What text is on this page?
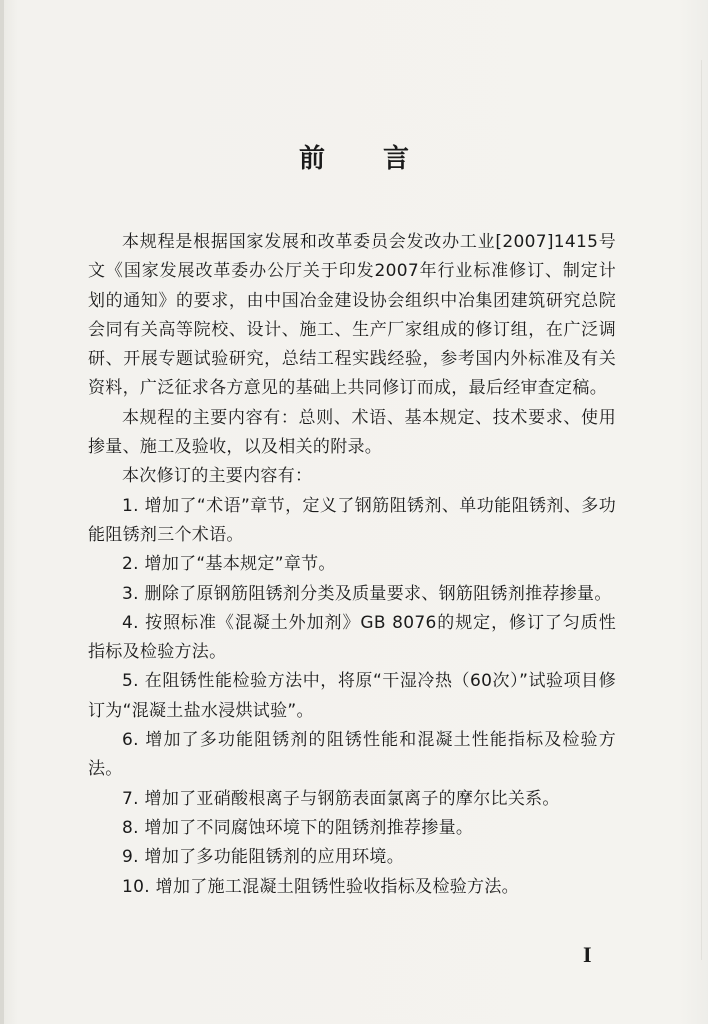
前 言

本规程是根据国家发展和改革委员会发改办工业[2007]1415号文《国家发展改革委办公厅关于印发2007年行业标准修订、制定计划的通知》的要求，由中国冶金建设协会组织中冶集团建筑研究总院会同有关高等院校、设计、施工、生产厂家组成的修订组，在广泛调研、开展专题试验研究，总结工程实践经验，参考国内外标准及有关资料，广泛征求各方意见的基础上共同修订而成，最后经审查定稿。

本规程的主要内容有：总则、术语、基本规定、技术要求、使用掺量、施工及验收，以及相关的附录。

本次修订的主要内容有：

1. 增加了“术语”章节，定义了钢筋阻锈剂、单功能阻锈剂、多功能阻锈剂三个术语。

2. 增加了“基本规定”章节。

3. 删除了原钢筋阻锈剂分类及质量要求、钢筋阻锈剂推荐掺量。

4. 按照标准《混凝土外加剂》GB 8076的规定，修订了匀质性指标及检验方法。

5. 在阻锈性能检验方法中，将原“干湿冷热（60次）”试验项目修订为“混凝土盐水浸烘试验”。

6. 增加了多功能阻锈剂的阻锈性能和混凝土性能指标及检验方法。

7. 增加了亚硝酸根离子与钢筋表面氯离子的摩尔比关系。

8. 增加了不同腐蚀环境下的阻锈剂推荐掺量。

9. 增加了多功能阻锈剂的应用环境。

10. 增加了施工混凝土阻锈性验收指标及检验方法。

I
